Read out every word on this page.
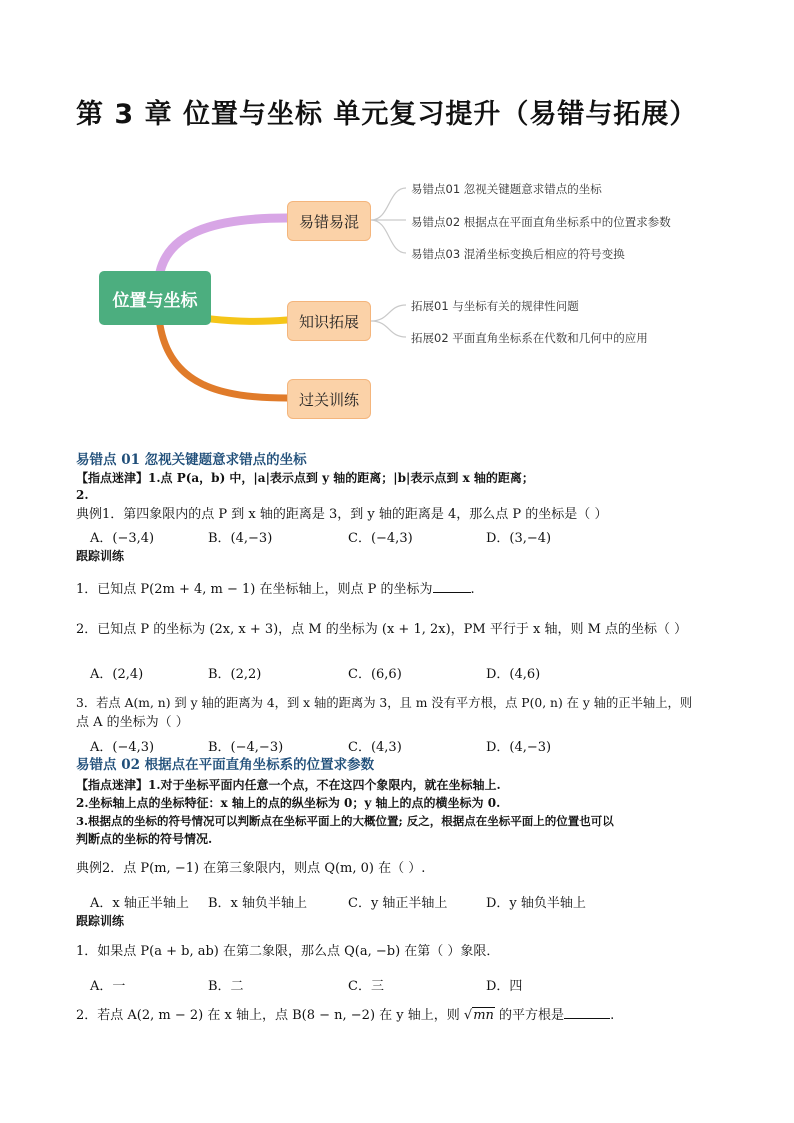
第 3 章 位置与坐标 单元复习提升（易错与拓展）
位置与坐标
易错易混
知识拓展
过关训练
易错点01 忽视关键题意求错点的坐标
易错点02 根据点在平面直角坐标系中的位置求参数
易错点03 混淆坐标变换后相应的符号变换
拓展01 与坐标有关的规律性问题
拓展02 平面直角坐标系在代数和几何中的应用
易错点 01 忽视关键题意求错点的坐标
【指点迷津】1.点 P(a，b) 中，|a|表示点到 y 轴的距离；|b|表示点到 x 轴的距离；
2.
典例1．第四象限内的点 P 到 x 轴的距离是 3，到 y 轴的距离是 4，那么点 P 的坐标是（ ）
A．(−3,4)	B．(4,−3)	C．(−4,3)	D．(3,−4)
跟踪训练
1．已知点 P(2m + 4, m − 1) 在坐标轴上，则点 P 的坐标为	.
2．已知点 P 的坐标为 (2x, x + 3)，点 M 的坐标为 (x + 1, 2x)，PM 平行于 x 轴，则 M 点的坐标（ ）
A．(2,4)	B．(2,2)	C．(6,6)	D．(4,6)
3．若点 A(m, n) 到 y 轴的距离为 4，到 x 轴的距离为 3，且 m 没有平方根，点 P(0, n) 在 y 轴的正半轴上，则
点 A 的坐标为（ ）
A．(−4,3)	B．(−4,−3)	C．(4,3)	D．(4,−3)
易错点 02 根据点在平面直角坐标系的位置求参数
【指点迷津】1.对于坐标平面内任意一个点，不在这四个象限内，就在坐标轴上.
2.坐标轴上点的坐标特征：x 轴上的点的纵坐标为 0；y 轴上的点的横坐标为 0.
3.根据点的坐标的符号情况可以判断点在坐标平面上的大概位置; 反之，根据点在坐标平面上的位置也可以
判断点的坐标的符号情况.
典例2．点 P(m, −1) 在第三象限内，则点 Q(m, 0) 在（ ）.
A．x 轴正半轴上 B．x 轴负半轴上	C．y 轴正半轴上	D．y 轴负半轴上
跟踪训练
1．如果点 P(a + b, ab) 在第二象限，那么点 Q(a, −b) 在第（ ）象限．
A．一	B．二	C．三	D．四
2．若点 A(2, m − 2) 在 x 轴上，点 B(8 − n, −2) 在 y 轴上，则 √mn 的平方根是	.
